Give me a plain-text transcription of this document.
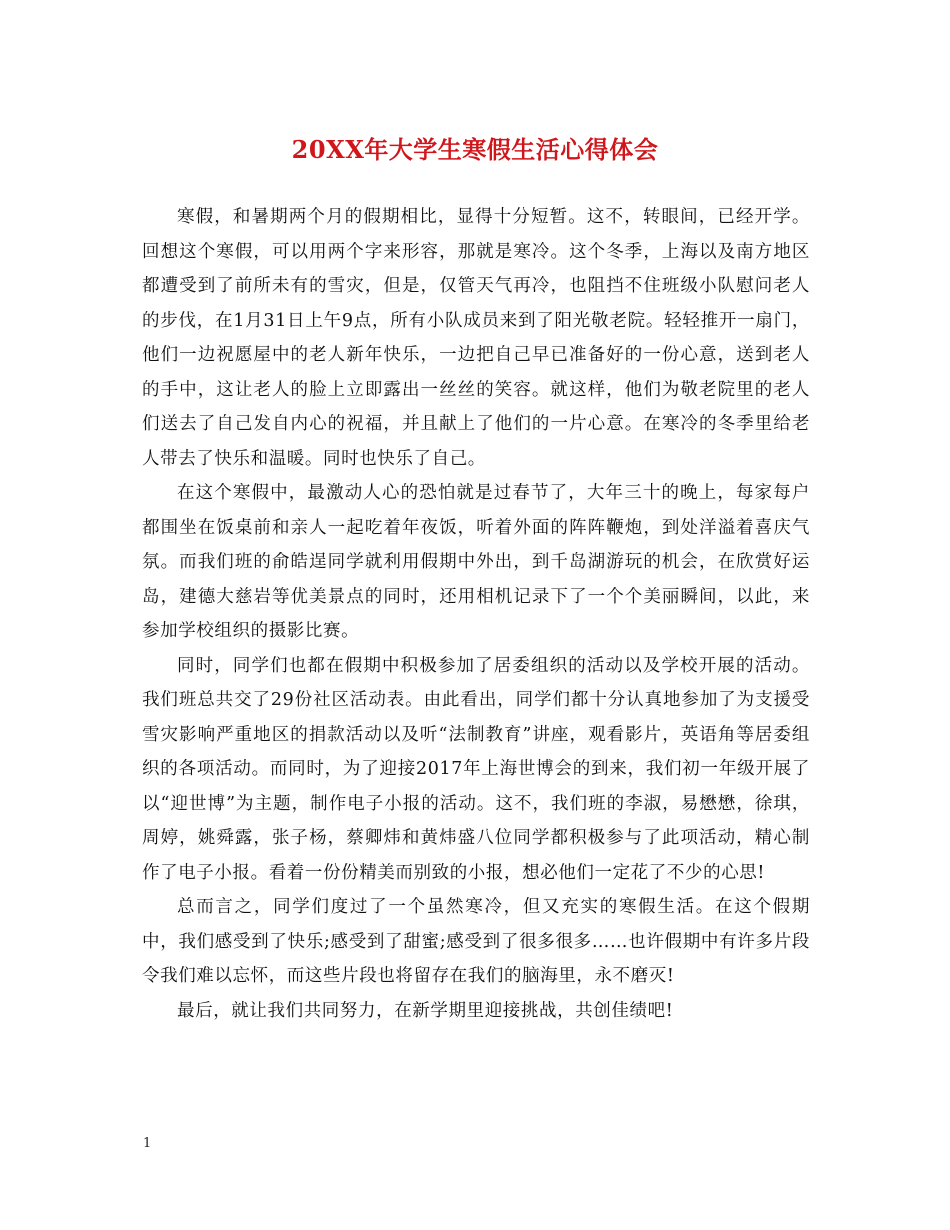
20XX年大学生寒假生活心得体会

寒假，和暑期两个月的假期相比，显得十分短暂。这不，转眼间，已经开学。回想这个寒假，可以用两个字来形容，那就是寒冷。这个冬季，上海以及南方地区都遭受到了前所未有的雪灾，但是，仅管天气再冷，也阻挡不住班级小队慰问老人的步伐，在1月31日上午9点，所有小队成员来到了阳光敬老院。轻轻推开一扇门，他们一边祝愿屋中的老人新年快乐，一边把自己早已准备好的一份心意，送到老人的手中，这让老人的脸上立即露出一丝丝的笑容。就这样，他们为敬老院里的老人们送去了自己发自内心的祝福，并且献上了他们的一片心意。在寒冷的冬季里给老人带去了快乐和温暖。同时也快乐了自己。

在这个寒假中，最激动人心的恐怕就是过春节了，大年三十的晚上，每家每户都围坐在饭桌前和亲人一起吃着年夜饭，听着外面的阵阵鞭炮，到处洋溢着喜庆气氛。而我们班的俞皓逞同学就利用假期中外出，到千岛湖游玩的机会，在欣赏好运岛，建德大慈岩等优美景点的同时，还用相机记录下了一个个美丽瞬间，以此，来参加学校组织的摄影比赛。

同时，同学们也都在假期中积极参加了居委组织的活动以及学校开展的活动。我们班总共交了29份社区活动表。由此看出，同学们都十分认真地参加了为支援受雪灾影响严重地区的捐款活动以及听“法制教育”讲座，观看影片，英语角等居委组织的各项活动。而同时，为了迎接2017年上海世博会的到来，我们初一年级开展了以“迎世博”为主题，制作电子小报的活动。这不，我们班的李淑，易懋懋，徐琪，周婷，姚舜露，张子杨，蔡卿炜和黄炜盛八位同学都积极参与了此项活动，精心制作了电子小报。看着一份份精美而别致的小报，想必他们一定花了不少的心思!

总而言之，同学们度过了一个虽然寒冷，但又充实的寒假生活。在这个假期中，我们感受到了快乐;感受到了甜蜜;感受到了很多很多……也许假期中有许多片段令我们难以忘怀，而这些片段也将留存在我们的脑海里，永不磨灭!

最后，就让我们共同努力，在新学期里迎接挑战，共创佳绩吧!

1
